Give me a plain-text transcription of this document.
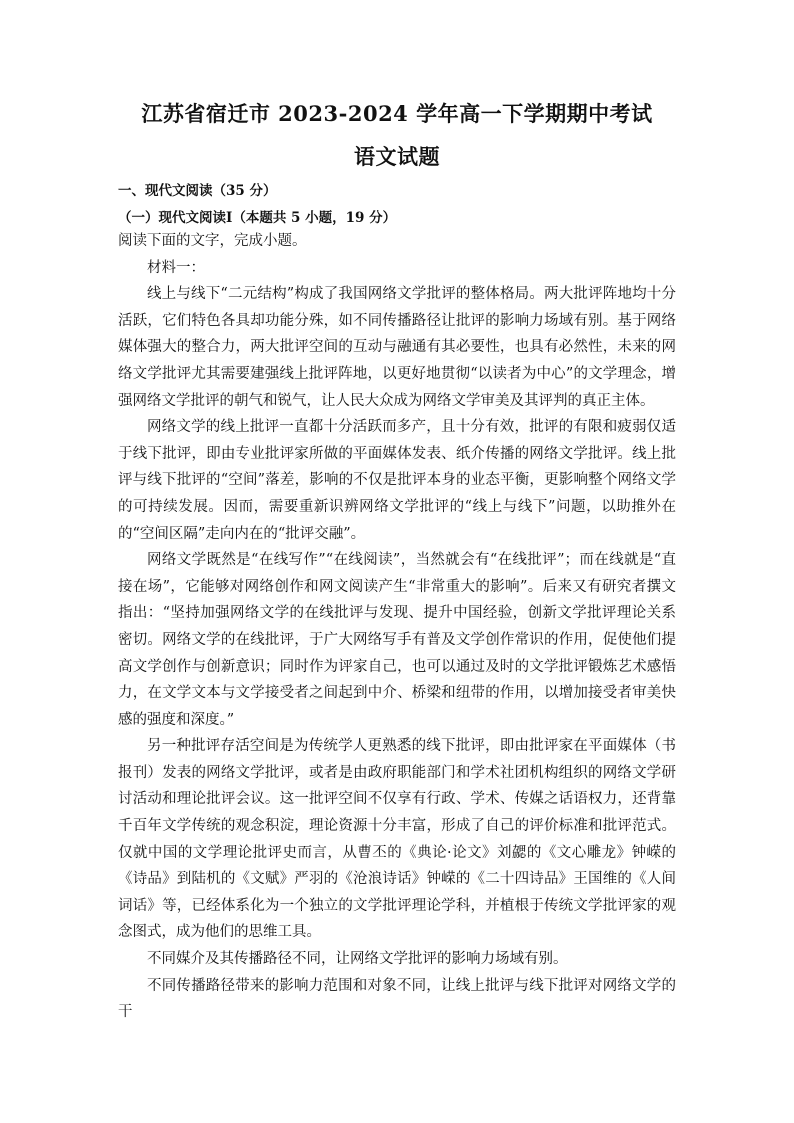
江苏省宿迁市 2023-2024 学年高一下学期期中考试
语文试题
一、现代文阅读（35 分）
（一）现代文阅读Ⅰ（本题共 5 小题，19 分）

阅读下面的文字，完成小题。

材料一：

线上与线下“二元结构”构成了我国网络文学批评的整体格局。两大批评阵地均十分活跃，它们特色各具却功能分殊，如不同传播路径让批评的影响力场域有别。基于网络媒体强大的整合力，两大批评空间的互动与融通有其必要性，也具有必然性，未来的网络文学批评尤其需要建强线上批评阵地，以更好地贯彻“以读者为中心”的文学理念，增强网络文学批评的朝气和锐气，让人民大众成为网络文学审美及其评判的真正主体。

网络文学的线上批评一直都十分活跃而多产，且十分有效，批评的有限和疲弱仅适于线下批评，即由专业批评家所做的平面媒体发表、纸介传播的网络文学批评。线上批评与线下批评的“空间”落差，影响的不仅是批评本身的业态平衡，更影响整个网络文学的可持续发展。因而，需要重新识辨网络文学批评的“线上与线下”问题，以助推外在的“空间区隔”走向内在的“批评交融”。

网络文学既然是“在线写作”“在线阅读”，当然就会有“在线批评”；而在线就是“直接在场”，它能够对网络创作和网文阅读产生“非常重大的影响”。后来又有研究者撰文指出：“坚持加强网络文学的在线批评与发现、提升中国经验，创新文学批评理论关系密切。网络文学的在线批评，于广大网络写手有普及文学创作常识的作用，促使他们提高文学创作与创新意识；同时作为评家自己，也可以通过及时的文学批评锻炼艺术感悟力，在文学文本与文学接受者之间起到中介、桥梁和纽带的作用，以增加接受者审美快感的强度和深度。”

另一种批评存活空间是为传统学人更熟悉的线下批评，即由批评家在平面媒体（书报刊）发表的网络文学批评，或者是由政府职能部门和学术社团机构组织的网络文学研讨活动和理论批评会议。这一批评空间不仅享有行政、学术、传媒之话语权力，还背靠千百年文学传统的观念积淀，理论资源十分丰富，形成了自己的评价标准和批评范式。仅就中国的文学理论批评史而言，从曹丕的《典论·论文》刘勰的《文心雕龙》钟嵘的《诗品》到陆机的《文赋》严羽的《沧浪诗话》钟嵘的《二十四诗品》王国维的《人间词话》等，已经体系化为一个独立的文学批评理论学科，并植根于传统文学批评家的观念图式，成为他们的思维工具。

不同媒介及其传播路径不同，让网络文学批评的影响力场域有别。

不同传播路径带来的影响力范围和对象不同，让线上批评与线下批评对网络文学的干
